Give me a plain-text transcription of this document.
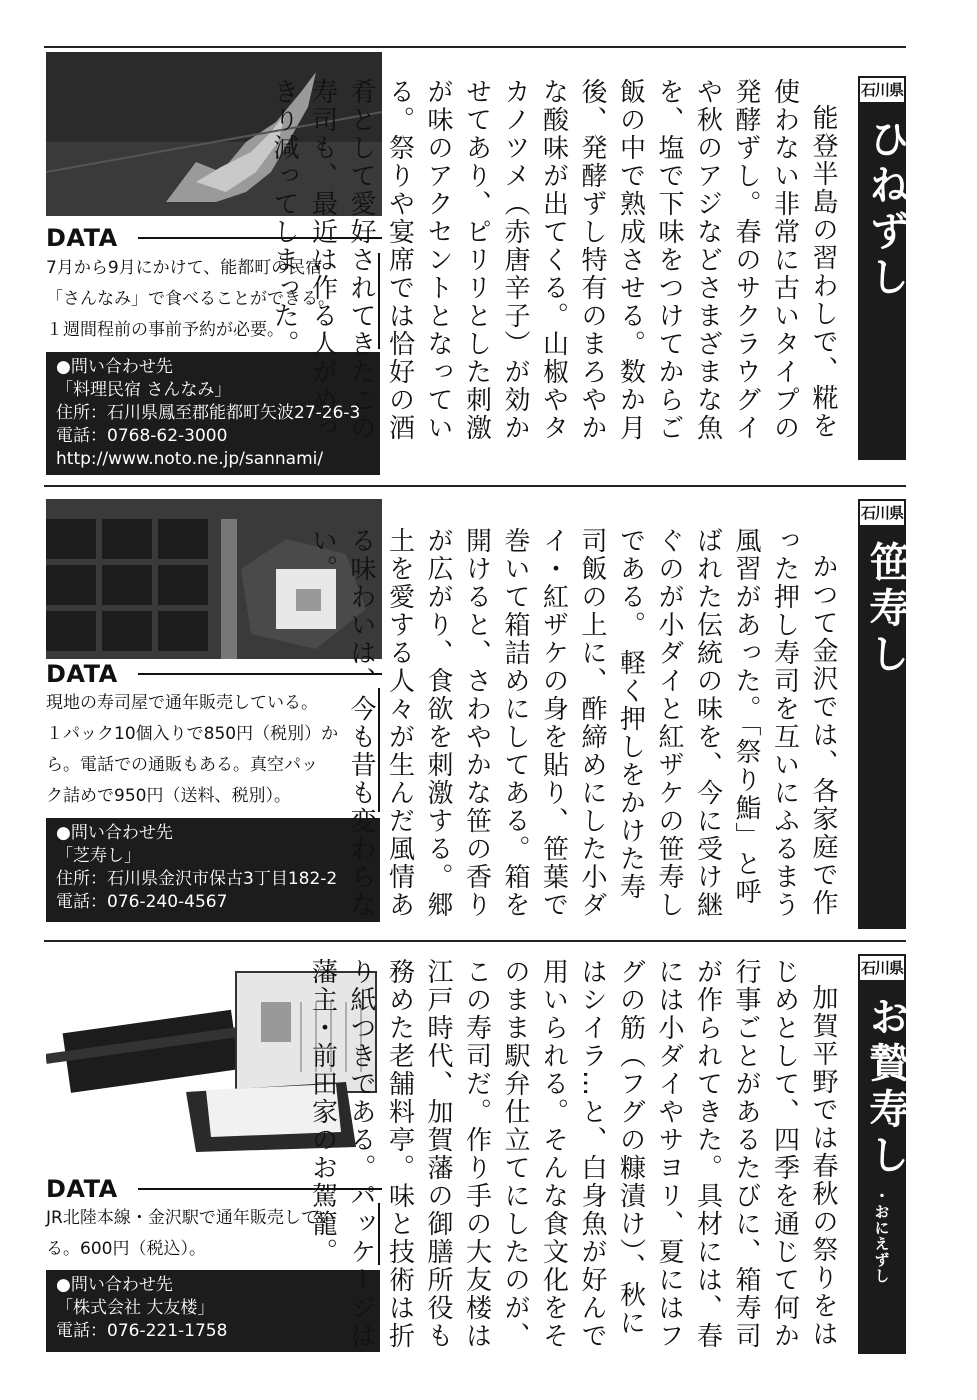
DATA

7月から9月にかけて、能都町の民宿

「さんなみ」で食べることができる。

１週間程前の事前予約が必要。

●問い合わせ先
「料理民宿 さんなみ」
住所：石川県鳳至郡能都町矢波27-26-3
電話：0768-62-3000
http://www.noto.ne.jp/sannami/
能登半島の習わしで、糀を使わない非常に古いタイプの発酵ずし。春のサクラウグイや秋のアジなどさまざまな魚を、塩で下味をつけてからご飯の中で熟成させる。数か月後、発酵ずし特有のまろやかな酸味が出てくる。山椒やタカノツメ（赤唐辛子）が効かせてあり、ピリリとした刺激が味のアクセントとなっている。祭りや宴席では恰好の酒肴として愛好されてきたこの寿司も、最近は作る人がめっきり減ってしまった。	石川県
ひねずし
DATA

現地の寿司屋で通年販売している。

１パック10個入りで850円（税別）か

ら。電話での通販もある。真空パッ

ク詰めで950円（送料、税別）。

●問い合わせ先
「芝寿し」
住所：石川県金沢市保古3丁目182-2
電話：076-240-4567	かつて金沢では、各家庭で作った押し寿司を互いにふるまう風習があった。「祭り鮨」と呼ばれた伝統の味を、今に受け継ぐのが小ダイと紅ザケの笹寿しである。 軽く押しをかけた寿司飯の上に、酢締めにした小ダイ・紅ザケの身を貼り、笹葉で巻いて箱詰めにしてある。箱を開けると、さわやかな笹の香りが広がり、食欲を刺激する。郷土を愛する人々が生んだ風情ある味わいは、今も昔も変わらない。
石川県
笹寿し
DATA

JR北陸本線・金沢駅で通年販売してい

る。600円（税込）。

●問い合わせ先
「株式会社 大友楼」
電話：076-221-1758	加賀平野では春秋の祭りをはじめとして、四季を通じて何か行事ごとがあるたびに、箱寿司が作られてきた。具材には、春には小ダイやサヨリ、夏にはフグの筋（フグの糠漬け）、秋にはシイラ…と、白身魚が好んで用いられる。そんな食文化をそのまま駅弁仕立てにしたのが、この寿司だ。作り手の大友楼は江戸時代、加賀藩の御膳所役も務めた老舗料亭。味と技術は折り紙つきである。パッケージは藩主・前田家のお駕籠。	石川県
お贄寿し
・おにえずし
